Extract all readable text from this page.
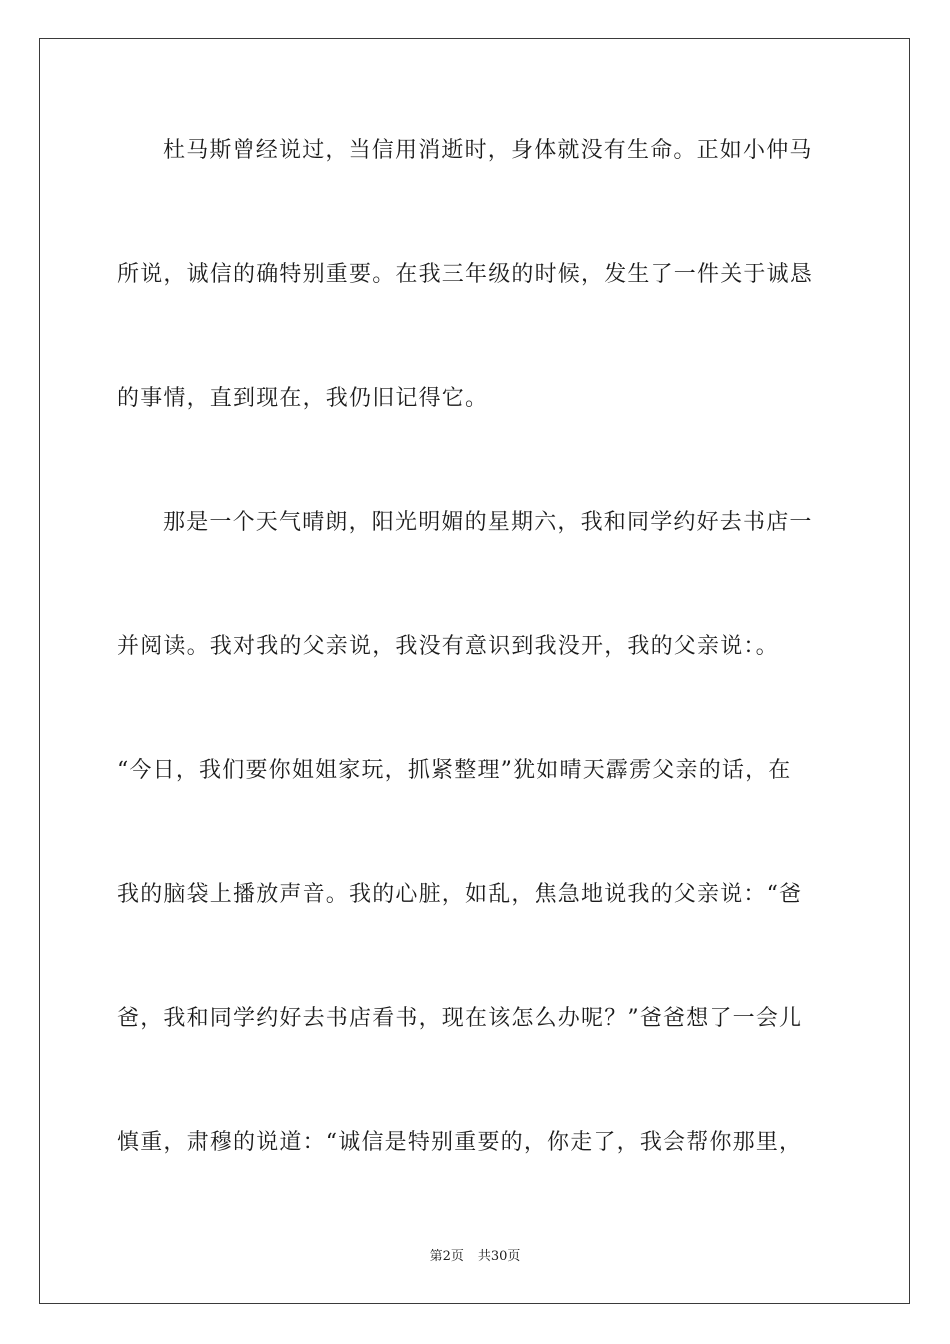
杜马斯曾经说过，当信用消逝时，身体就没有生命。正如小仲马
所说，诚信的确特别重要。在我三年级的时候，发生了一件关于诚恳
的事情，直到现在，我仍旧记得它。
那是一个天气晴朗，阳光明媚的星期六，我和同学约好去书店一
并阅读。我对我的父亲说，我没有意识到我没开，我的父亲说：。
“今日，我们要你姐姐家玩，抓紧整理”犹如晴天霹雳父亲的话，在
我的脑袋上播放声音。我的心脏，如乱，焦急地说我的父亲说：“爸
爸，我和同学约好去书店看书，现在该怎么办呢？”爸爸想了一会儿
慎重，肃穆的说道：“诚信是特别重要的，你走了，我会帮你那里，
第2页 共30页
